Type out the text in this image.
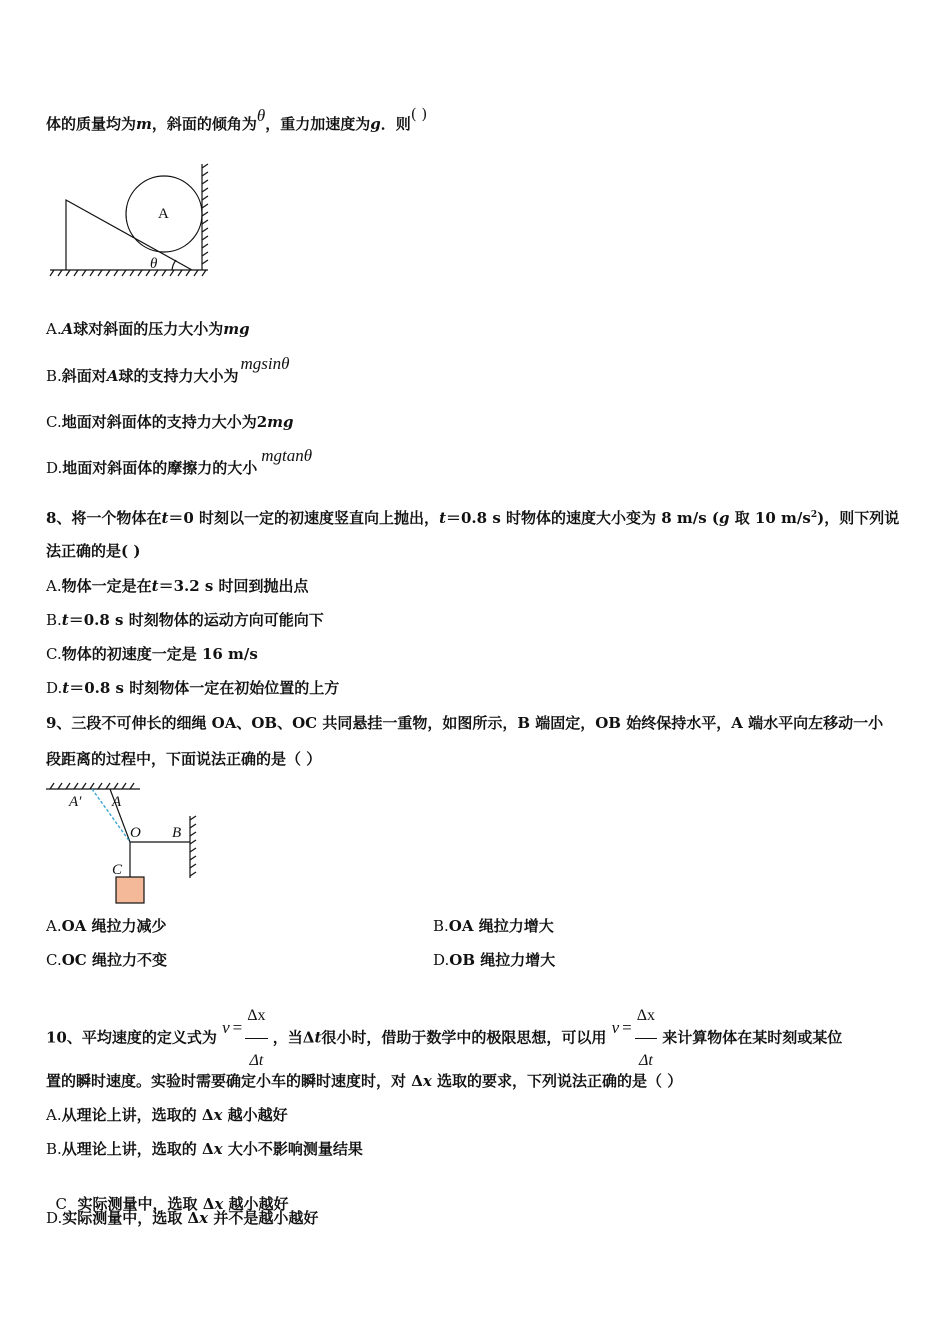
体的质量均为m，斜面的倾角为θ，重力加速度为g．则( )
A
θ
A.A球对斜面的压力大小为mg
B.斜面对A球的支持力大小为mgsinθ
C.地面对斜面体的支持力大小为2mg
D.地面对斜面体的摩擦力的大小mgtanθ
8、将一个物体在t＝0 时刻以一定的初速度竖直向上抛出，t＝0.8 s 时物体的速度大小变为 8 m/s (g 取 10 $m/s^2$)，则下列说
法正确的是( )
A.物体一定是在t＝3.2 s 时回到抛出点
B.t＝0.8 s 时刻物体的运动方向可能向下
C.物体的初速度一定是 16 m/s
D.t＝0.8 s 时刻物体一定在初始位置的上方
9、三段不可伸长的细绳 OA、OB、OC 共同悬挂一重物，如图所示，B 端固定，OB 始终保持水平，A 端水平向左移动一小
段距离的过程中，下面说法正确的是（ ）
A′ A
O B
C
A.OA 绳拉力减少	B.OA 绳拉力增大
C.OC 绳拉力不变	D.OB 绳拉力增大
10、平均速度的定义式为 $v = \frac{\Delta x}{\Delta t}$ ，当Δt很小时，借助于数学中的极限思想，可以用 $v = \frac{\Delta x}{\Delta t}$ 来计算物体在某时刻或某位
置的瞬时速度。实验时需要确定小车的瞬时速度时，对 Δx 选取的要求，下列说法正确的是（ ）
A.从理论上讲，选取的 Δx 越小越好
B.从理论上讲，选取的 Δx 大小不影响测量结果

C  实际测量中，选取 Δx 越小越好

D.实际测量中，选取 Δx 并不是越小越好
